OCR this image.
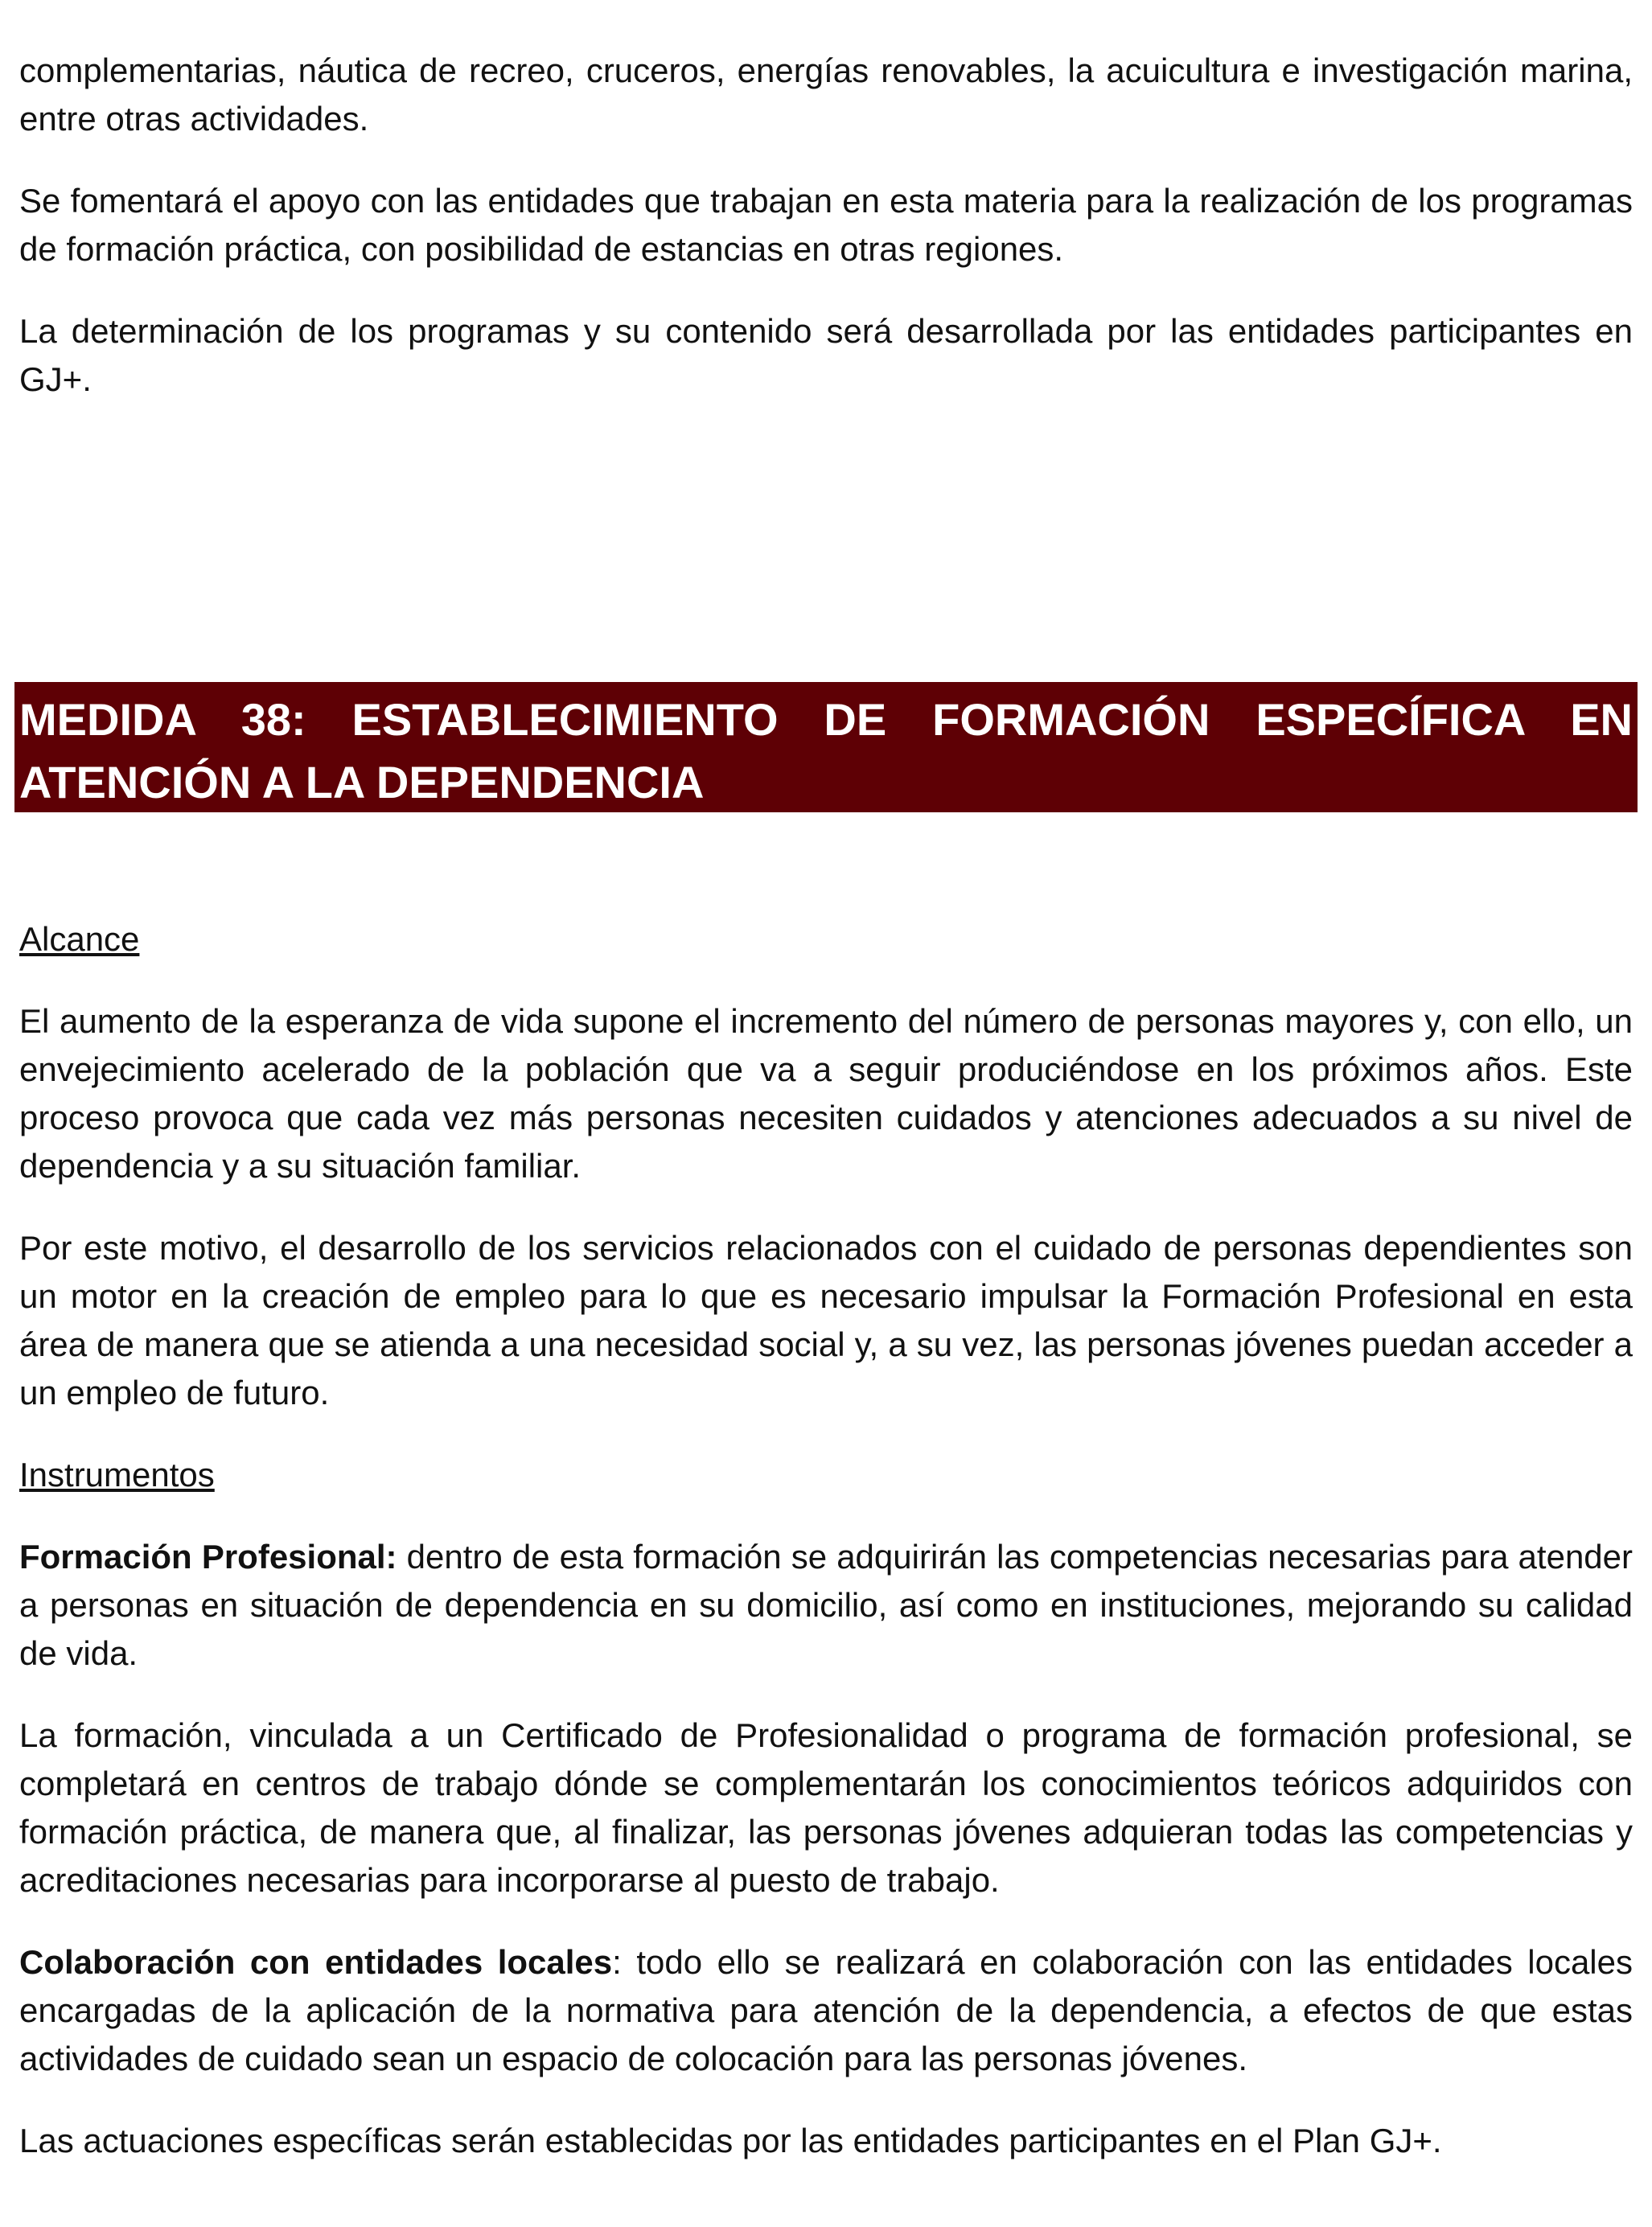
complementarias, náutica de recreo, cruceros, energías renovables, la acuicultura e investigación marina, entre otras actividades.

Se fomentará el apoyo con las entidades que trabajan en esta materia para la realización de los programas de formación práctica, con posibilidad de estancias en otras regiones.

La determinación de los programas y su contenido será desarrollada por las entidades participantes en GJ+.

MEDIDA 38: ESTABLECIMIENTO DE FORMACIÓN ESPECÍFICA EN ATENCIÓN A LA DEPENDENCIA

Alcance

El aumento de la esperanza de vida supone el incremento del número de personas mayores y, con ello, un envejecimiento acelerado de la población que va a seguir produciéndose en los próximos años. Este proceso provoca que cada vez más personas necesiten cuidados y atenciones adecuados a su nivel de dependencia y a su situación familiar.

Por este motivo, el desarrollo de los servicios relacionados con el cuidado de personas dependientes son un motor en la creación de empleo para lo que es necesario impulsar la Formación Profesional en esta área de manera que se atienda a una necesidad social y, a su vez, las personas jóvenes puedan acceder a un empleo de futuro.

Instrumentos

Formación Profesional: dentro de esta formación se adquirirán las competencias necesarias para atender a personas en situación de dependencia en su domicilio, así como en instituciones, mejorando su calidad de vida.

La formación, vinculada a un Certificado de Profesionalidad o programa de formación profesional, se completará en centros de trabajo dónde se complementarán los conocimientos teóricos adquiridos con formación práctica, de manera que, al finalizar, las personas jóvenes adquieran todas las competencias y acreditaciones necesarias para incorporarse al puesto de trabajo.

Colaboración con entidades locales: todo ello se realizará en colaboración con las entidades locales encargadas de la aplicación de la normativa para atención de la dependencia, a efectos de que estas actividades de cuidado sean un espacio de colocación para las personas jóvenes.

Las actuaciones específicas serán establecidas por las entidades participantes en el Plan GJ+.
